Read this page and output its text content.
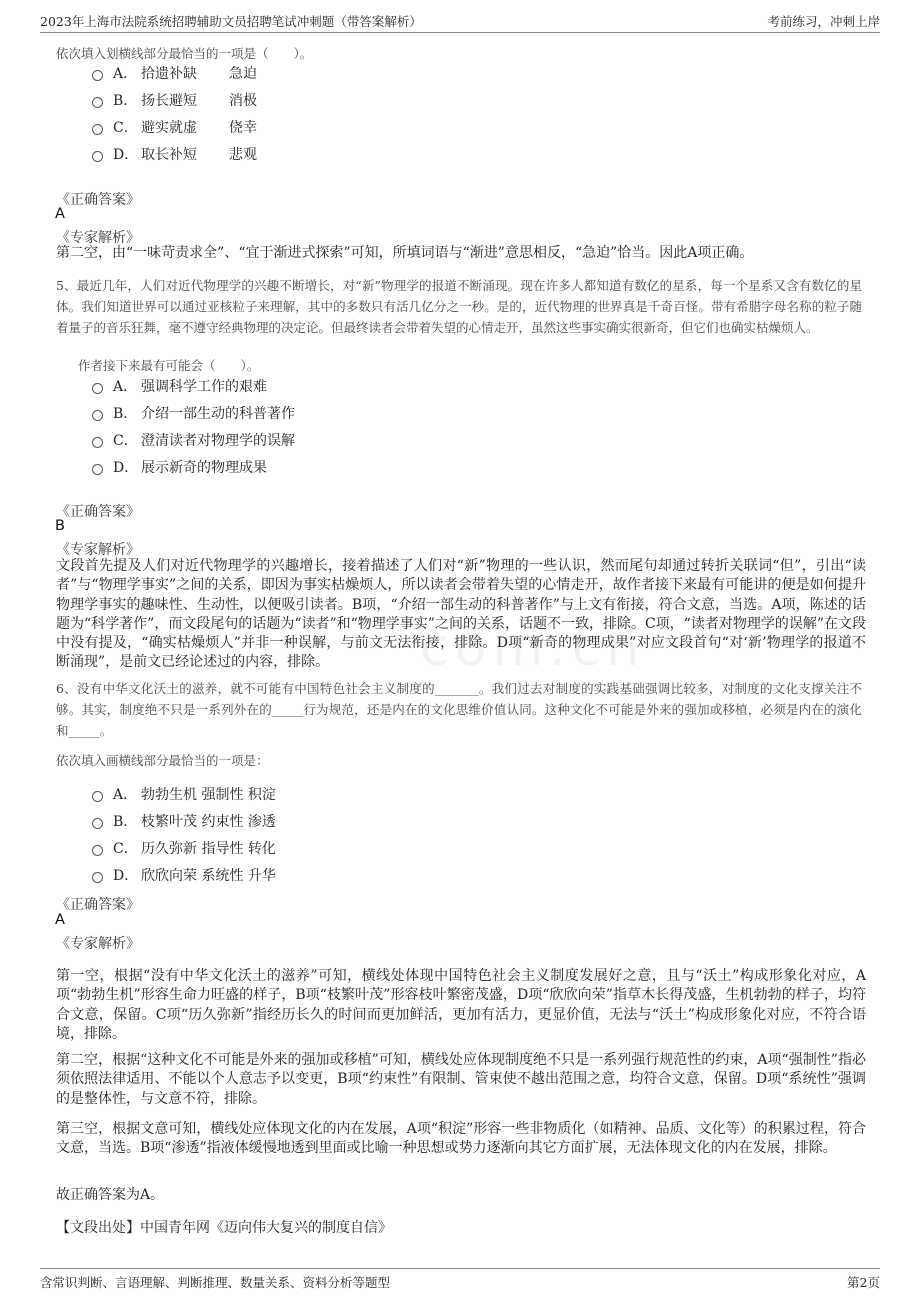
2023年上海市法院系统招聘辅助文员招聘笔试冲刺题（带答案解析）	考前练习，冲刺上岸
com.cn
依次填入划横线部分最恰当的一项是（　　）。
A． 拾遗补缺 急迫
B． 扬长避短 消极
C． 避实就虚 侥幸
D． 取长补短 悲观
《正确答案》
A
《专家解析》
第二空，由“一味苛责求全”、“宜于渐进式探索”可知，所填词语与“渐进”意思相反，“急迫”恰当。因此A项正确。
5、最近几年，人们对近代物理学的兴趣不断增长，对“新”物理学的报道不断涌现。现在许多人都知道有数亿的星系，每一个星系又含有数亿的星体。我们知道世界可以通过亚核粒子来理解，其中的多数只有活几亿分之一秒。是的，近代物理的世界真是千奇百怪。带有希腊字母名称的粒子随着量子的音乐狂舞，毫不遵守经典物理的决定论。但最终读者会带着失望的心情走开，虽然这些事实确实很新奇，但它们也确实枯燥烦人。
作者接下来最有可能会（　　）。
A． 强调科学工作的艰难
B． 介绍一部生动的科普著作
C． 澄清读者对物理学的误解
D． 展示新奇的物理成果
《正确答案》
B
《专家解析》
文段首先提及人们对近代物理学的兴趣增长，接着描述了人们对“新”物理的一些认识，然而尾句却通过转折关联词“但”，引出“读者”与“物理学事实”之间的关系，即因为事实枯燥烦人，所以读者会带着失望的心情走开，故作者接下来最有可能讲的便是如何提升物理学事实的趣味性、生动性，以便吸引读者。B项，“介绍一部生动的科普著作”与上文有衔接，符合文意，当选。A项，陈述的话题为“科学著作”，而文段尾句的话题为“读者”和“物理学事实”之间的关系，话题不一致，排除。C项，“读者对物理学的误解”在文段中没有提及，“确实枯燥烦人”并非一种误解，与前文无法衔接，排除。D项“新奇的物理成果”对应文段首句“对‘新’物理学的报道不断涌现”，是前文已经论述过的内容，排除。
6、没有中华文化沃土的滋养，就不可能有中国特色社会主义制度的_______。我们过去对制度的实践基础强调比较多，对制度的文化支撑关注不够。其实，制度绝不只是一系列外在的_____行为规范，还是内在的文化思维价值认同。这种文化不可能是外来的强加或移植，必须是内在的演化和_____。
依次填入画横线部分最恰当的一项是：
A． 勃勃生机 强制性 积淀
B． 枝繁叶茂 约束性 渗透
C． 历久弥新 指导性 转化
D． 欣欣向荣 系统性 升华
《正确答案》
A
《专家解析》
第一空，根据“没有中华文化沃土的滋养”可知，横线处体现中国特色社会主义制度发展好之意，且与“沃土”构成形象化对应，A项“勃勃生机”形容生命力旺盛的样子，B项“枝繁叶茂”形容枝叶繁密茂盛，D项“欣欣向荣”指草木长得茂盛，生机勃勃的样子，均符合文意，保留。C项“历久弥新”指经历长久的时间而更加鲜活，更加有活力，更显价值，无法与“沃土”构成形象化对应，不符合语境，排除。
第二空，根据“这种文化不可能是外来的强加或移植”可知，横线处应体现制度绝不只是一系列强行规范性的约束，A项“强制性”指必须依照法律适用、不能以个人意志予以变更，B项“约束性”有限制、管束使不越出范围之意，均符合文意，保留。D项“系统性”强调的是整体性，与文意不符，排除。
第三空，根据文意可知，横线处应体现文化的内在发展，A项“积淀”形容一些非物质化（如精神、品质、文化等）的积累过程，符合文意，当选。B项“渗透”指液体缓慢地透到里面或比喻一种思想或势力逐渐向其它方面扩展，无法体现文化的内在发展，排除。
故正确答案为A。
【文段出处】中国青年网《迈向伟大复兴的制度自信》
含常识判断、言语理解、判断推理、数量关系、资料分析等题型	第2页
